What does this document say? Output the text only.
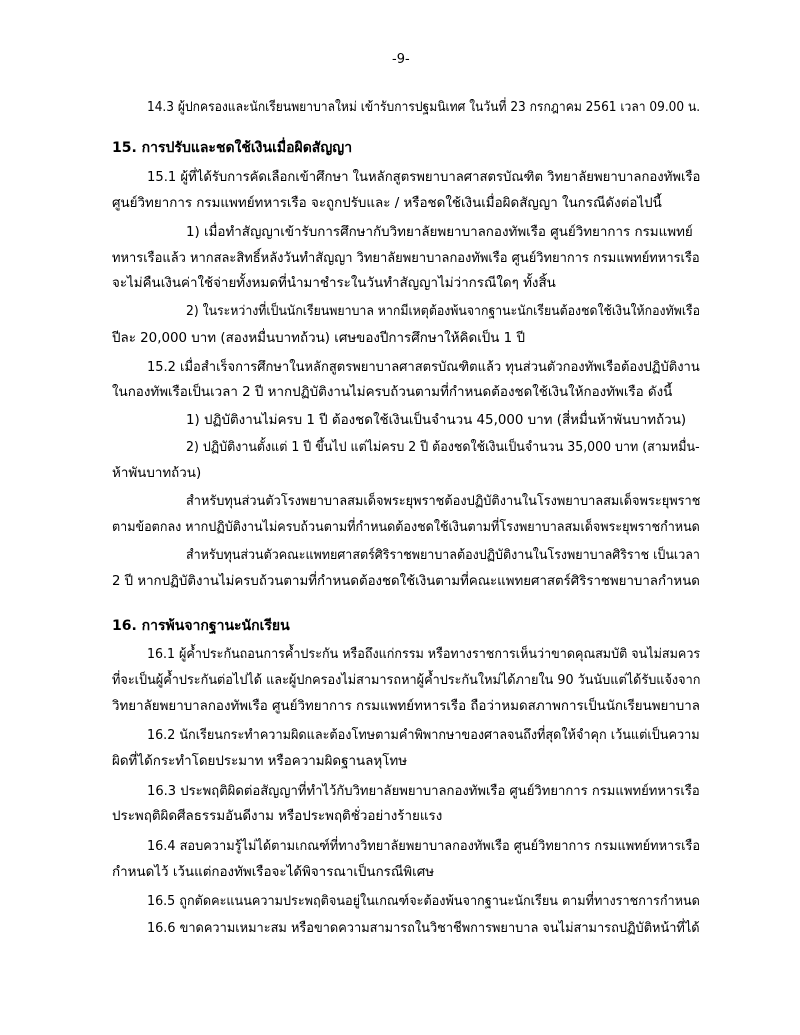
-9-
14.3 ผู้ปกครองและนักเรียนพยาบาลใหม่ เข้ารับการปฐมนิเทศ ในวันที่ 23 กรกฎาคม 2561 เวลา 09.00 น.
15. การปรับและชดใช้เงินเมื่อผิดสัญญา
15.1 ผู้ที่ได้รับการคัดเลือกเข้าศึกษา ในหลักสูตรพยาบาลศาสตรบัณฑิต วิทยาลัยพยาบาลกองทัพเรือ
ศูนย์วิทยาการ กรมแพทย์ทหารเรือ จะถูกปรับและ / หรือชดใช้เงินเมื่อผิดสัญญา ในกรณีดังต่อไปนี้
1) เมื่อทำสัญญาเข้ารับการศึกษากับวิทยาลัยพยาบาลกองทัพเรือ ศูนย์วิทยาการ กรมแพทย์
ทหารเรือแล้ว หากสละสิทธิ์หลังวันทำสัญญา วิทยาลัยพยาบาลกองทัพเรือ ศูนย์วิทยาการ กรมแพทย์ทหารเรือ
จะไม่คืนเงินค่าใช้จ่ายทั้งหมดที่นำมาชำระในวันทำสัญญาไม่ว่ากรณีใดๆ ทั้งสิ้น
2) ในระหว่างที่เป็นนักเรียนพยาบาล หากมีเหตุต้องพ้นจากฐานะนักเรียนต้องชดใช้เงินให้กองทัพเรือ
ปีละ 20,000 บาท (สองหมื่นบาทถ้วน) เศษของปีการศึกษาให้คิดเป็น 1 ปี
15.2 เมื่อสำเร็จการศึกษาในหลักสูตรพยาบาลศาสตรบัณฑิตแล้ว ทุนส่วนตัวกองทัพเรือต้องปฏิบัติงาน
ในกองทัพเรือเป็นเวลา 2 ปี หากปฏิบัติงานไม่ครบถ้วนตามที่กำหนดต้องชดใช้เงินให้กองทัพเรือ ดังนี้
1) ปฏิบัติงานไม่ครบ 1 ปี ต้องชดใช้เงินเป็นจำนวน 45,000 บาท (สี่หมื่นห้าพันบาทถ้วน)
2) ปฏิบัติงานตั้งแต่ 1 ปี ขึ้นไป แต่ไม่ครบ 2 ปี ต้องชดใช้เงินเป็นจำนวน 35,000 บาท (สามหมื่น-
ห้าพันบาทถ้วน)
สำหรับทุนส่วนตัวโรงพยาบาลสมเด็จพระยุพราชต้องปฏิบัติงานในโรงพยาบาลสมเด็จพระยุพราช
ตามข้อตกลง หากปฏิบัติงานไม่ครบถ้วนตามที่กำหนดต้องชดใช้เงินตามที่โรงพยาบาลสมเด็จพระยุพราชกำหนด
สำหรับทุนส่วนตัวคณะแพทยศาสตร์ศิริราชพยาบาลต้องปฏิบัติงานในโรงพยาบาลศิริราช เป็นเวลา
2 ปี หากปฏิบัติงานไม่ครบถ้วนตามที่กำหนดต้องชดใช้เงินตามที่คณะแพทยศาสตร์ศิริราชพยาบาลกำหนด
16. การพ้นจากฐานะนักเรียน
16.1 ผู้ค้ำประกันถอนการค้ำประกัน หรือถึงแก่กรรม หรือทางราชการเห็นว่าขาดคุณสมบัติ จนไม่สมควร
ที่จะเป็นผู้ค้ำประกันต่อไปได้ และผู้ปกครองไม่สามารถหาผู้ค้ำประกันใหม่ได้ภายใน 90 วันนับแต่ได้รับแจ้งจาก
วิทยาลัยพยาบาลกองทัพเรือ ศูนย์วิทยาการ กรมแพทย์ทหารเรือ ถือว่าหมดสภาพการเป็นนักเรียนพยาบาล
16.2 นักเรียนกระทำความผิดและต้องโทษตามคำพิพากษาของศาลจนถึงที่สุดให้จำคุก เว้นแต่เป็นความ
ผิดที่ได้กระทำโดยประมาท หรือความผิดฐานลหุโทษ
16.3 ประพฤติผิดต่อสัญญาที่ทำไว้กับวิทยาลัยพยาบาลกองทัพเรือ ศูนย์วิทยาการ กรมแพทย์ทหารเรือ
ประพฤติผิดศีลธรรมอันดีงาม หรือประพฤติชั่วอย่างร้ายแรง
16.4 สอบความรู้ไม่ได้ตามเกณฑ์ที่ทางวิทยาลัยพยาบาลกองทัพเรือ ศูนย์วิทยาการ กรมแพทย์ทหารเรือ
กำหนดไว้ เว้นแต่กองทัพเรือจะได้พิจารณาเป็นกรณีพิเศษ
16.5 ถูกตัดคะแนนความประพฤติจนอยู่ในเกณฑ์จะต้องพ้นจากฐานะนักเรียน ตามที่ทางราชการกำหนด
16.6 ขาดความเหมาะสม หรือขาดความสามารถในวิชาชีพการพยาบาล จนไม่สามารถปฏิบัติหน้าที่ได้
